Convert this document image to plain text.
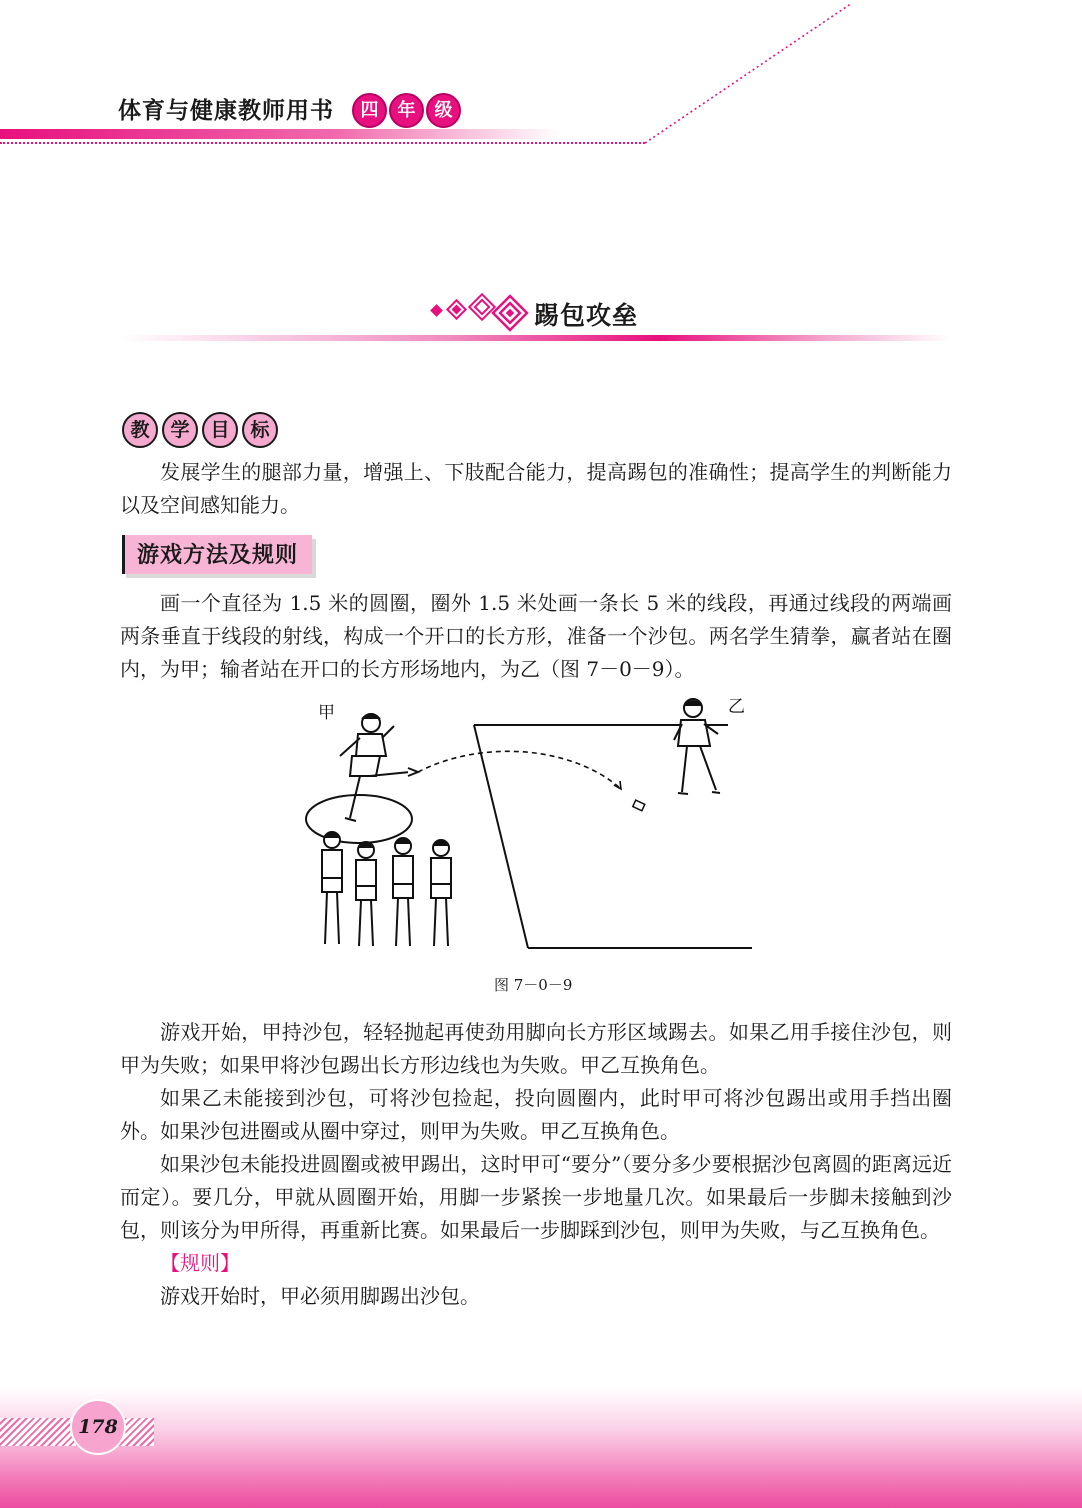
体育与健康教师用书	四	年	级
踢包攻垒
教	学	目	标

发展学生的腿部力量，增强上、下肢配合能力，提高踢包的准确性；提高学生的判断能力以及空间感知能力。

游戏方法及规则

画一个直径为 1.5 米的圆圈，圈外 1.5 米处画一条长 5 米的线段，再通过线段的两端画两条垂直于线段的射线，构成一个开口的长方形，准备一个沙包。两名学生猜拳，赢者站在圈内，为甲；输者站在开口的长方形场地内，为乙（图 7－0－9）。

甲	乙
图 7－0－9

游戏开始，甲持沙包，轻轻抛起再使劲用脚向长方形区域踢去。如果乙用手接住沙包，则甲为失败；如果甲将沙包踢出长方形边线也为失败。甲乙互换角色。

如果乙未能接到沙包，可将沙包捡起，投向圆圈内，此时甲可将沙包踢出或用手挡出圈外。如果沙包进圈或从圈中穿过，则甲为失败。甲乙互换角色。

如果沙包未能投进圆圈或被甲踢出，这时甲可“要分”（要分多少要根据沙包离圆的距离远近而定）。要几分，甲就从圆圈开始，用脚一步紧挨一步地量几次。如果最后一步脚未接触到沙包，则该分为甲所得，再重新比赛。如果最后一步脚踩到沙包，则甲为失败，与乙互换角色。

【规则】

游戏开始时，甲必须用脚踢出沙包。

178
